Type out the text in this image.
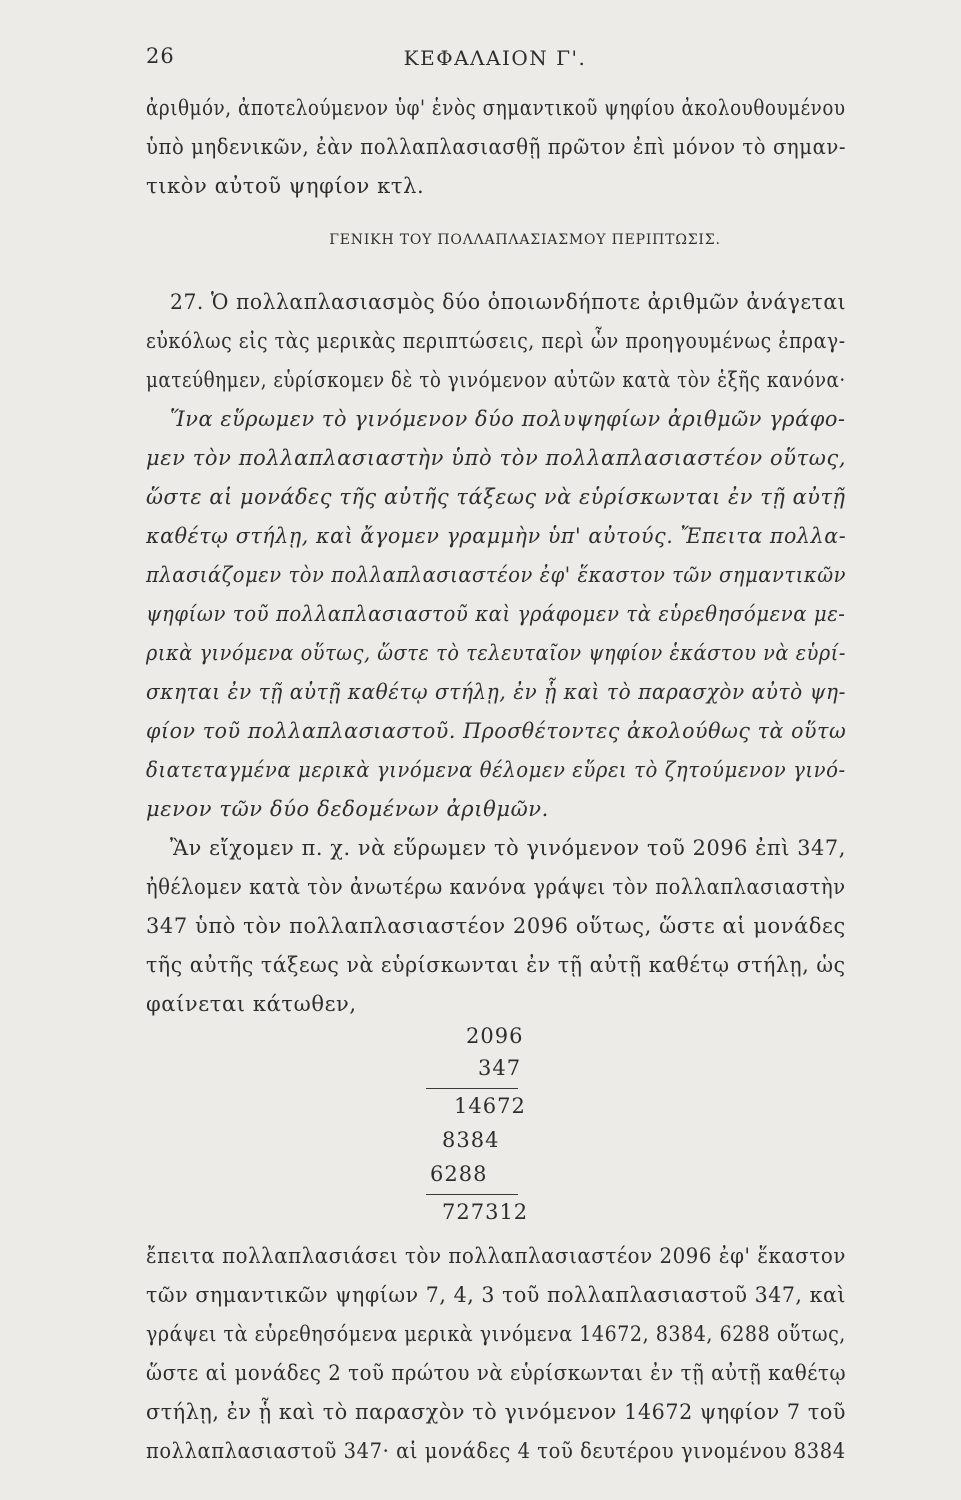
26	ΚΕΦΑΛΑΙΟΝ Γ'.
ἀριθμόν, ἀποτελούμενον ὑφ' ἑνὸς σημαντικοῦ ψηφίου ἀκολουθουμένου
ὑπὸ μηδενικῶν, ἐὰν πολλαπλασιασθῇ πρῶτον ἐπὶ μόνον τὸ σημαν-
τικὸν αὐτοῦ ψηφίον κτλ.
ΓΕΝΙΚΗ ΤΟΥ ΠΟΛΛΑΠΛΑΣΙΑΣΜΟΥ ΠΕΡΙΠΤΩΣΙΣ.
27. Ὁ πολλαπλασιασμὸς δύο ὁποιωνδήποτε ἀριθμῶν ἀνάγεται
εὐκόλως εἰς τὰς μερικὰς περιπτώσεις, περὶ ὧν προηγουμένως ἐπραγ-
ματεύθημεν, εὑρίσκομεν δὲ τὸ γινόμενον αὐτῶν κατὰ τὸν ἑξῆς κανόνα·
Ἵνα εὕρωμεν τὸ γινόμενον δύο πολυψηφίων ἀριθμῶν γράφο-
μεν τὸν πολλαπλασιαστὴν ὑπὸ τὸν πολλαπλασιαστέον οὕτως,
ὥστε αἱ μονάδες τῆς αὐτῆς τάξεως νὰ εὑρίσκωνται ἐν τῇ αὐτῇ
καθέτῳ στήλῃ, καὶ ἄγομεν γραμμὴν ὑπ' αὐτούς. Ἔπειτα πολλα-
πλασιάζομεν τὸν πολλαπλασιαστέον ἐφ' ἕκαστον τῶν σημαντικῶν
ψηφίων τοῦ πολλαπλασιαστοῦ καὶ γράφομεν τὰ εὑρεθησόμενα με-
ρικὰ γινόμενα οὕτως, ὥστε τὸ τελευταῖον ψηφίον ἑκάστου νὰ εὑρί-
σκηται ἐν τῇ αὐτῇ καθέτῳ στήλῃ, ἐν ᾗ καὶ τὸ παρασχὸν αὐτὸ ψη-
φίον τοῦ πολλαπλασιαστοῦ. Προσθέτοντες ἀκολούθως τὰ οὕτω
διατεταγμένα μερικὰ γινόμενα θέλομεν εὕρει τὸ ζητούμενον γινό-
μενον τῶν δύο δεδομένων ἀριθμῶν.
Ἂν εἴχομεν π. χ. νὰ εὕρωμεν τὸ γινόμενον τοῦ 2096 ἐπὶ 347,
ἠθέλομεν κατὰ τὸν ἀνωτέρω κανόνα γράψει τὸν πολλαπλασιαστὴν
347 ὑπὸ τὸν πολλαπλασιαστέον 2096 οὕτως, ὥστε αἱ μονάδες
τῆς αὐτῆς τάξεως νὰ εὑρίσκωνται ἐν τῇ αὐτῇ καθέτῳ στήλῃ, ὡς
φαίνεται κάτωθεν,
2096
347
14672
8384
6288
727312
ἔπειτα πολλαπλασιάσει τὸν πολλαπλασιαστέον 2096 ἐφ' ἕκαστον
τῶν σημαντικῶν ψηφίων 7, 4, 3 τοῦ πολλαπλασιαστοῦ 347, καὶ
γράψει τὰ εὑρεθησόμενα μερικὰ γινόμενα 14672, 8384, 6288 οὕτως,
ὥστε αἱ μονάδες 2 τοῦ πρώτου νὰ εὑρίσκωνται ἐν τῇ αὐτῇ καθέτῳ
στήλῃ, ἐν ᾗ καὶ τὸ παρασχὸν τὸ γινόμενον 14672 ψηφίον 7 τοῦ
πολλαπλασιαστοῦ 347· αἱ μονάδες 4 τοῦ δευτέρου γινομένου 8384
